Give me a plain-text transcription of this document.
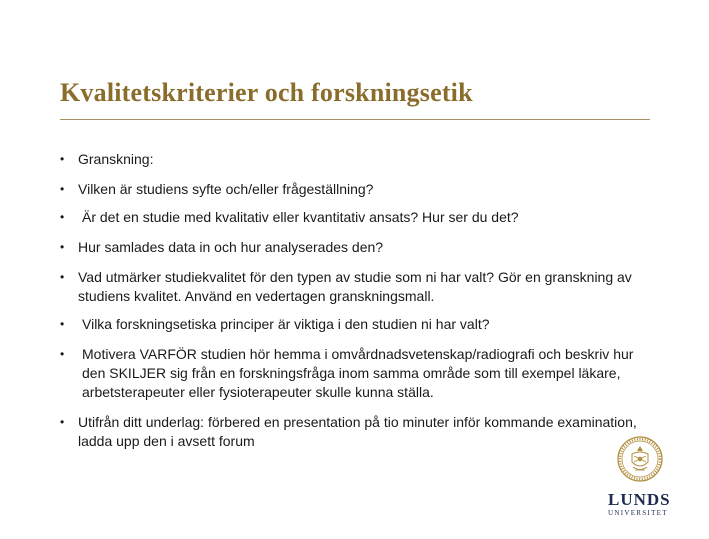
Kvalitetskriterier och forskningsetik
• Granskning:
• Vilken är studiens syfte och/eller frågeställning?
• Är det en studie med kvalitativ eller kvantitativ ansats? Hur ser du det?
• Hur samlades data in och hur analyserades den?
• Vad utmärker studiekvalitet för den typen av studie som ni har valt? Gör en granskning av studiens kvalitet. Använd en vedertagen granskningsmall.
• Vilka forskningsetiska principer är viktiga i den studien ni har valt?
• Motivera VARFÖR studien hör hemma i omvårdnadsvetenskap/radiografi och beskriv hur den SKILJER sig från en forskningsfråga inom samma område som till exempel läkare, arbetsterapeuter eller fysioterapeuter skulle kunna ställa.
• Utifrån ditt underlag: förbered en presentation på tio minuter inför kommande examination, ladda upp den i avsett forum
LUNDS
UNIVERSITET
